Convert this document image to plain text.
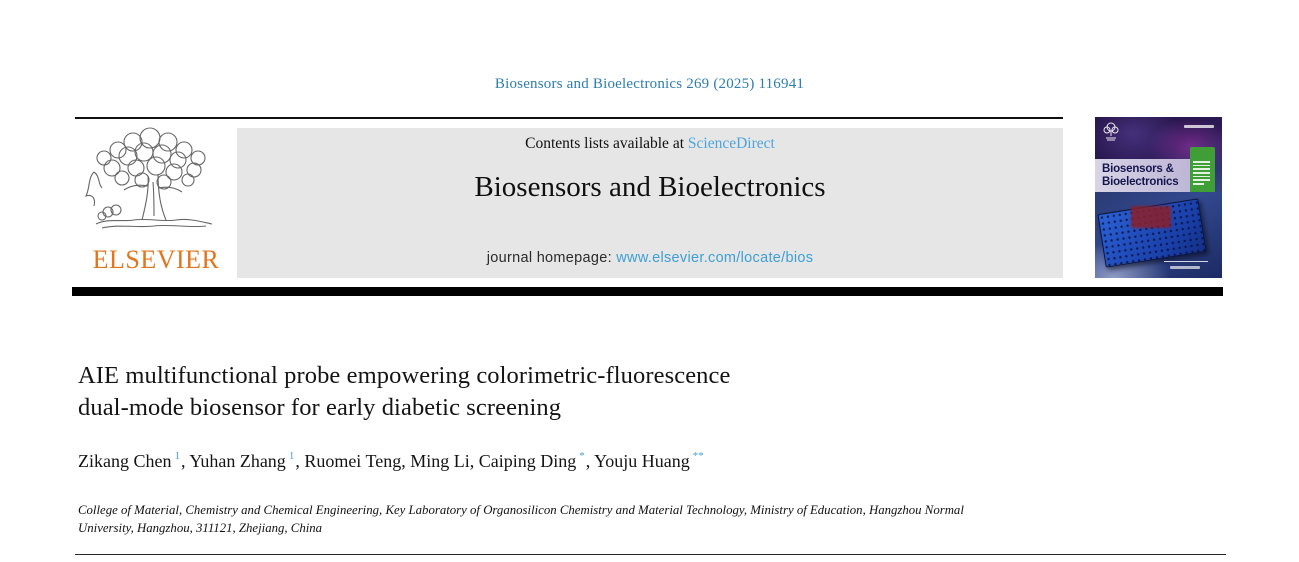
Biosensors and Bioelectronics 269 (2025) 116941
ELSEVIER
Contents lists available at ScienceDirect
Biosensors and Bioelectronics
journal homepage: www.elsevier.com/locate/bios
Biosensors &
Bioelectronics
AIE multifunctional probe empowering colorimetric-fluorescence
dual-mode biosensor for early diabetic screening
Zikang Chen $^1$, Yuhan Zhang $^1$, Ruomei Teng, Ming Li, Caiping Ding *, Youju Huang **
College of Material, Chemistry and Chemical Engineering, Key Laboratory of Organosilicon Chemistry and Material Technology, Ministry of Education, Hangzhou Normal
University, Hangzhou, 311121, Zhejiang, China
